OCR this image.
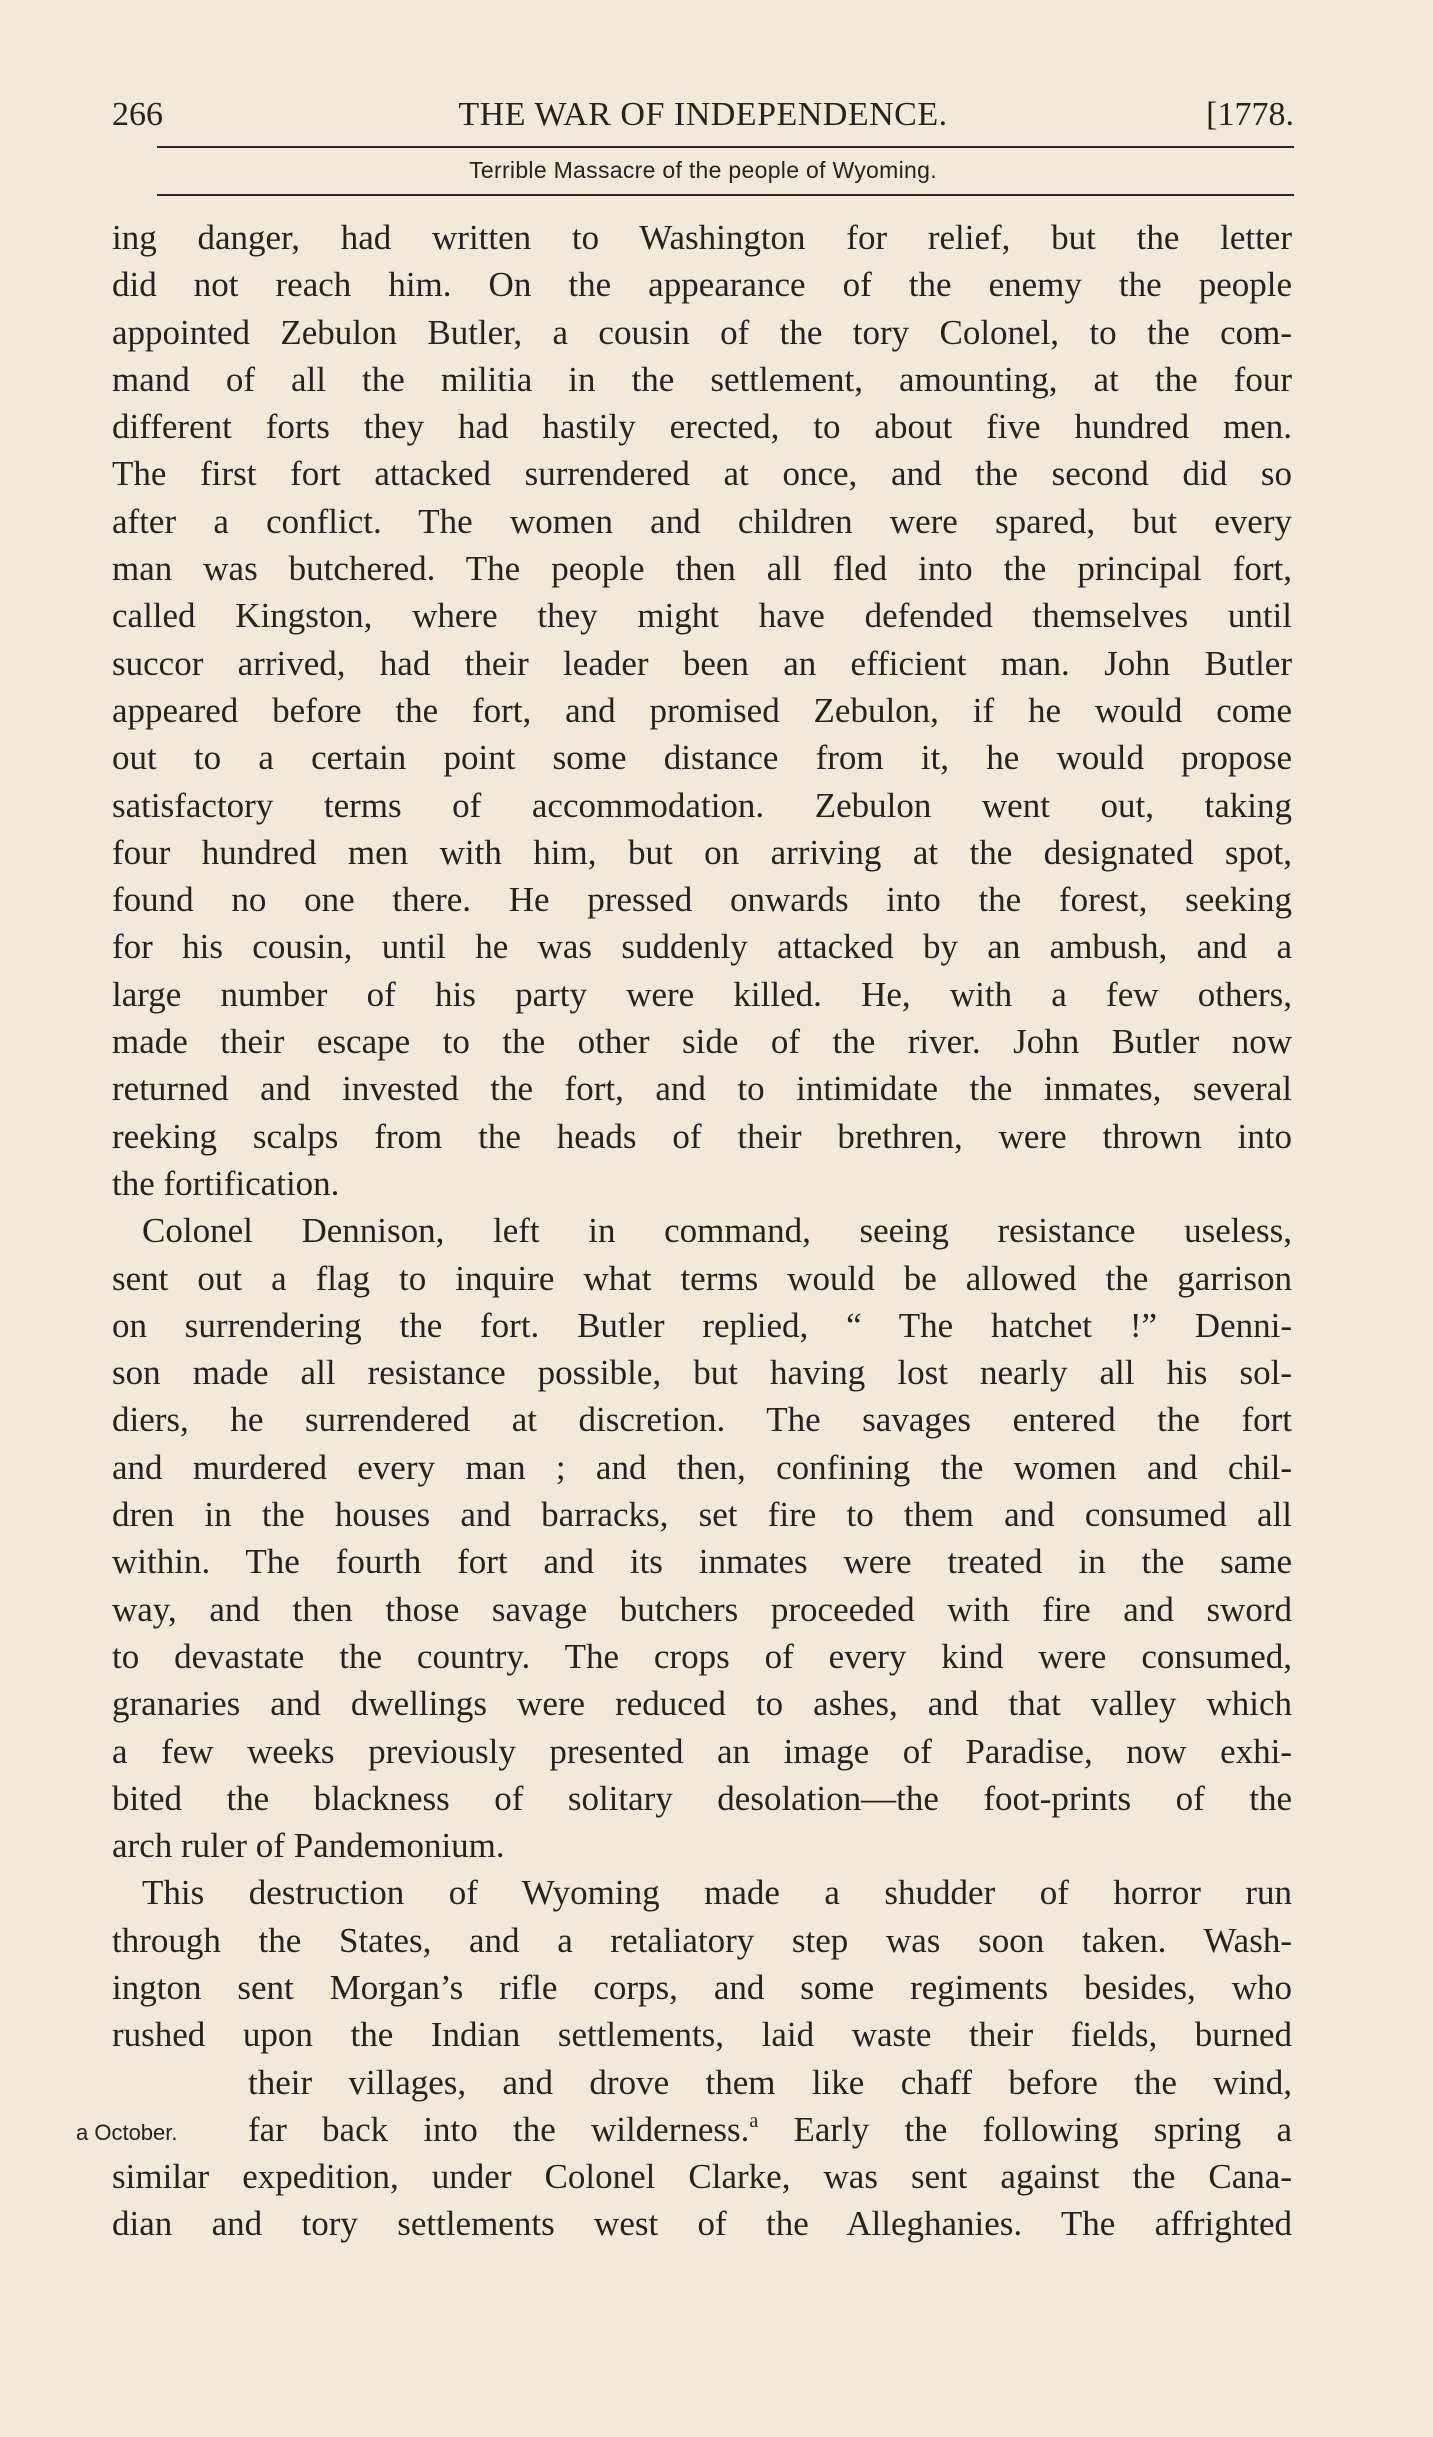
266	THE WAR OF INDEPENDENCE.	[1778.
Terrible Massacre of the people of Wyoming.
ing danger, had written to Washington for relief, but the letter
did not reach him. On the appearance of the enemy the people
appointed Zebulon Butler, a cousin of the tory Colonel, to the com-
mand of all the militia in the settlement, amounting, at the four
different forts they had hastily erected, to about five hundred men.
The first fort attacked surrendered at once, and the second did so
after a conflict. The women and children were spared, but every
man was butchered. The people then all fled into the principal fort,
called Kingston, where they might have defended themselves until
succor arrived, had their leader been an efficient man. John Butler
appeared before the fort, and promised Zebulon, if he would come
out to a certain point some distance from it, he would propose
satisfactory terms of accommodation. Zebulon went out, taking
four hundred men with him, but on arriving at the designated spot,
found no one there. He pressed onwards into the forest, seeking
for his cousin, until he was suddenly attacked by an ambush, and a
large number of his party were killed. He, with a few others,
made their escape to the other side of the river. John Butler now
returned and invested the fort, and to intimidate the inmates, several
reeking scalps from the heads of their brethren, were thrown into
the fortification.
Colonel Dennison, left in command, seeing resistance useless,
sent out a flag to inquire what terms would be allowed the garrison
on surrendering the fort. Butler replied, “ The hatchet !” Denni-
son made all resistance possible, but having lost nearly all his sol-
diers, he surrendered at discretion. The savages entered the fort
and murdered every man ; and then, confining the women and chil-
dren in the houses and barracks, set fire to them and consumed all
within. The fourth fort and its inmates were treated in the same
way, and then those savage butchers proceeded with fire and sword
to devastate the country. The crops of every kind were consumed,
granaries and dwellings were reduced to ashes, and that valley which
a few weeks previously presented an image of Paradise, now exhi-
bited the blackness of solitary desolation—the foot-prints of the
arch ruler of Pandemonium.
This destruction of Wyoming made a shudder of horror run
through the States, and a retaliatory step was soon taken. Wash-
ington sent Morgan’s rifle corps, and some regiments besides, who
rushed upon the Indian settlements, laid waste their fields, burned
their villages, and drove them like chaff before the wind,
a October.	far back into the wilderness.$^a$ Early the following spring a
similar expedition, under Colonel Clarke, was sent against the Cana-
dian and tory settlements west of the Alleghanies. The affrighted
